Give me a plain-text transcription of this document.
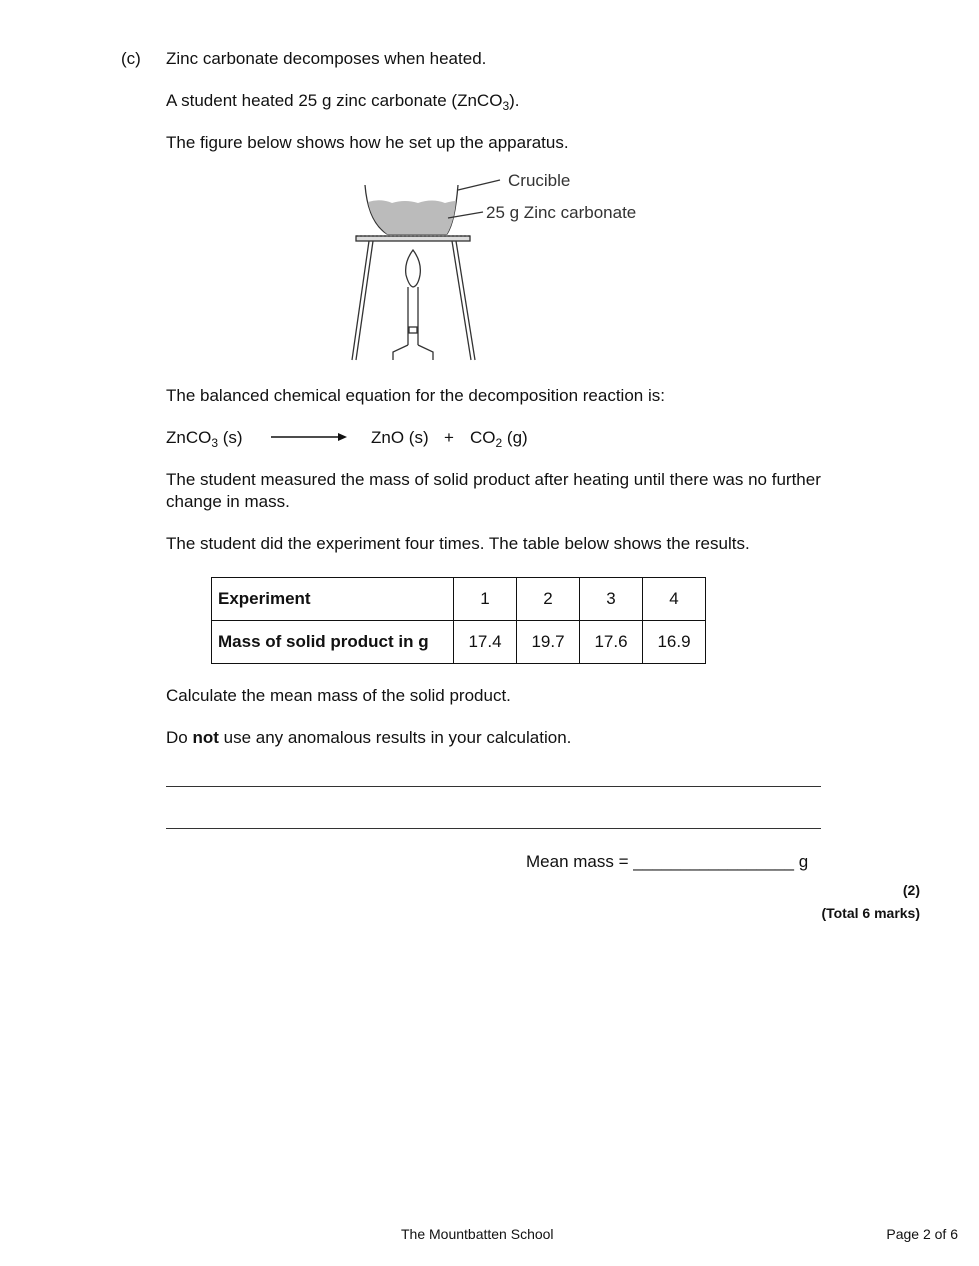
(c) Zinc carbonate decomposes when heated.
A student heated 25 g zinc carbonate (ZnCO$_3$).
The figure below shows how he set up the apparatus.
Crucible
25 g Zinc carbonate
The balanced chemical equation for the decomposition reaction is:
ZnCO$_3$ (s)	ZnO $(s) + CO_2$ (g)
The student measured the mass of solid product after heating until there was no further
change in mass.
The student did the experiment four times. The table below shows the results.
Experiment	1	2	3	4
Mass of solid product in g	17.4	19.7	17.6	16.9
Calculate the mean mass of the solid product.
Do not use any anomalous results in your calculation.
Mean mass = _________________ g
(2)
(Total 6 marks)
The Mountbatten School	Page 2 of 6
